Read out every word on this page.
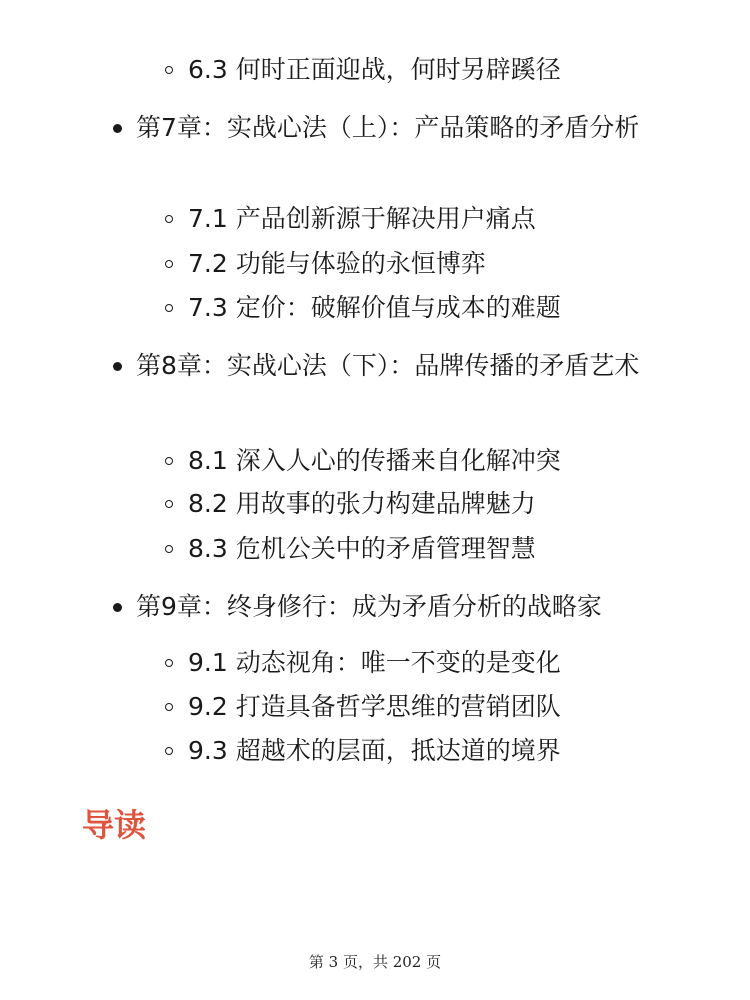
6.3 何时正面迎战，何时另辟蹊径
第7章：实战心法（上）：产品策略的矛盾分析
7.1 产品创新源于解决用户痛点
7.2 功能与体验的永恒博弈
7.3 定价：破解价值与成本的难题
第8章：实战心法（下）：品牌传播的矛盾艺术
8.1 深入人心的传播来自化解冲突
8.2 用故事的张力构建品牌魅力
8.3 危机公关中的矛盾管理智慧
第9章：终身修行：成为矛盾分析的战略家
9.1 动态视角：唯一不变的是变化
9.2 打造具备哲学思维的营销团队
9.3 超越术的层面，抵达道的境界
导读
第 3 页，共 202 页
